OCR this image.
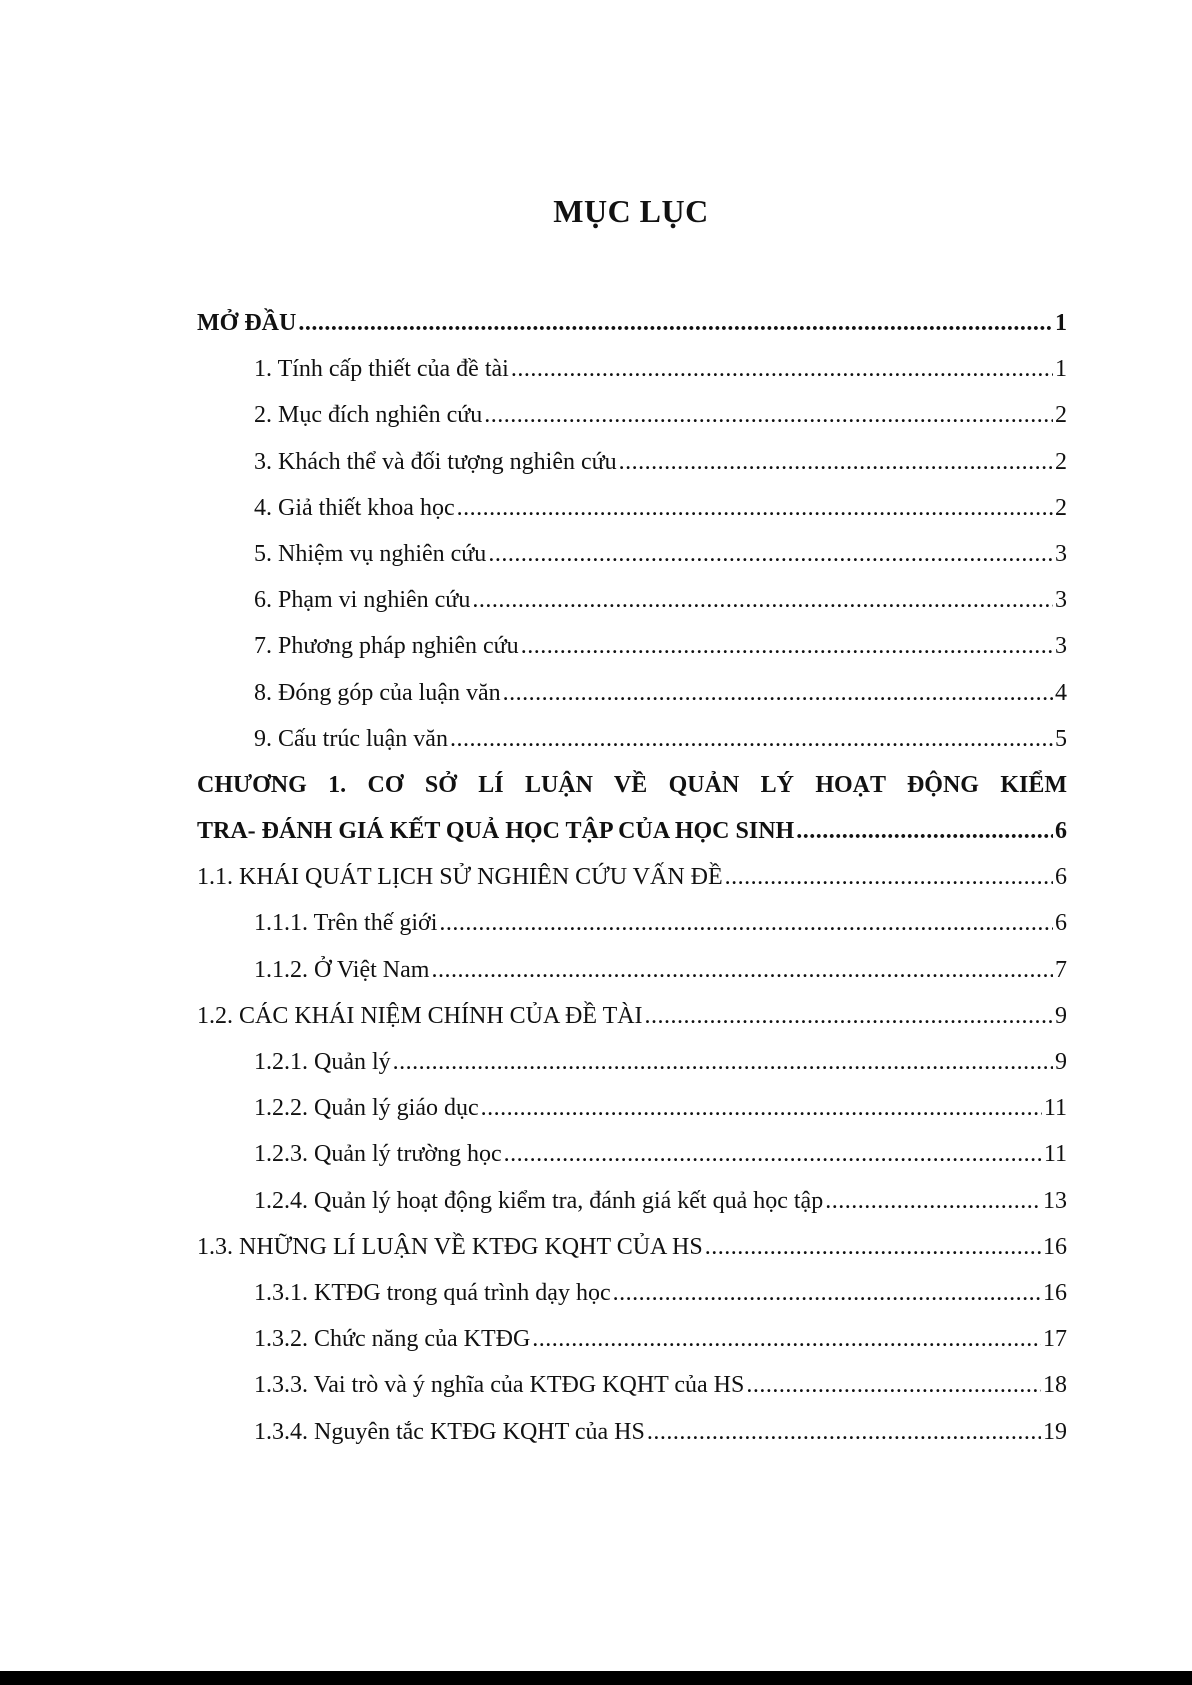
MỤC LỤC
MỞ ĐẦU .....	1
1. Tính cấp thiết của đề tài .....	1
2. Mục đích nghiên cứu .....	2
3. Khách thể và đối tượng nghiên cứu .....	2
4. Giả thiết khoa học .....	2
5. Nhiệm vụ nghiên cứu .....	3
6. Phạm vi nghiên cứu .....	3
7. Phương pháp nghiên cứu .....	3
8. Đóng góp của luận văn .....	4
9. Cấu trúc luận văn .....	5
CHƯƠNG 1. CƠ SỞ LÍ LUẬN VỀ QUẢN LÝ HOẠT ĐỘNG KIỂM
TRA- ĐÁNH GIÁ KẾT QUẢ HỌC TẬP CỦA HỌC SINH .....	6
1.1. KHÁI QUÁT LỊCH SỬ NGHIÊN CỨU VẤN ĐỀ .....	6
1.1.1. Trên thế giới .....	6
1.1.2. Ở Việt Nam .....	7
1.2. CÁC KHÁI NIỆM CHÍNH CỦA ĐỀ TÀI .....	9
1.2.1. Quản lý .....	9
1.2.2. Quản lý giáo dục .....	11
1.2.3. Quản lý trường học .....	11
1.2.4. Quản lý hoạt động kiểm tra, đánh giá kết quả học tập .....	13
1.3. NHỮNG LÍ LUẬN VỀ KTĐG KQHT CỦA HS .....	16
1.3.1. KTĐG trong quá trình dạy học .....	16
1.3.2. Chức năng của KTĐG .....	17
1.3.3. Vai trò và ý nghĩa của KTĐG KQHT của HS .....	18
1.3.4. Nguyên tắc KTĐG KQHT của HS .....	19
